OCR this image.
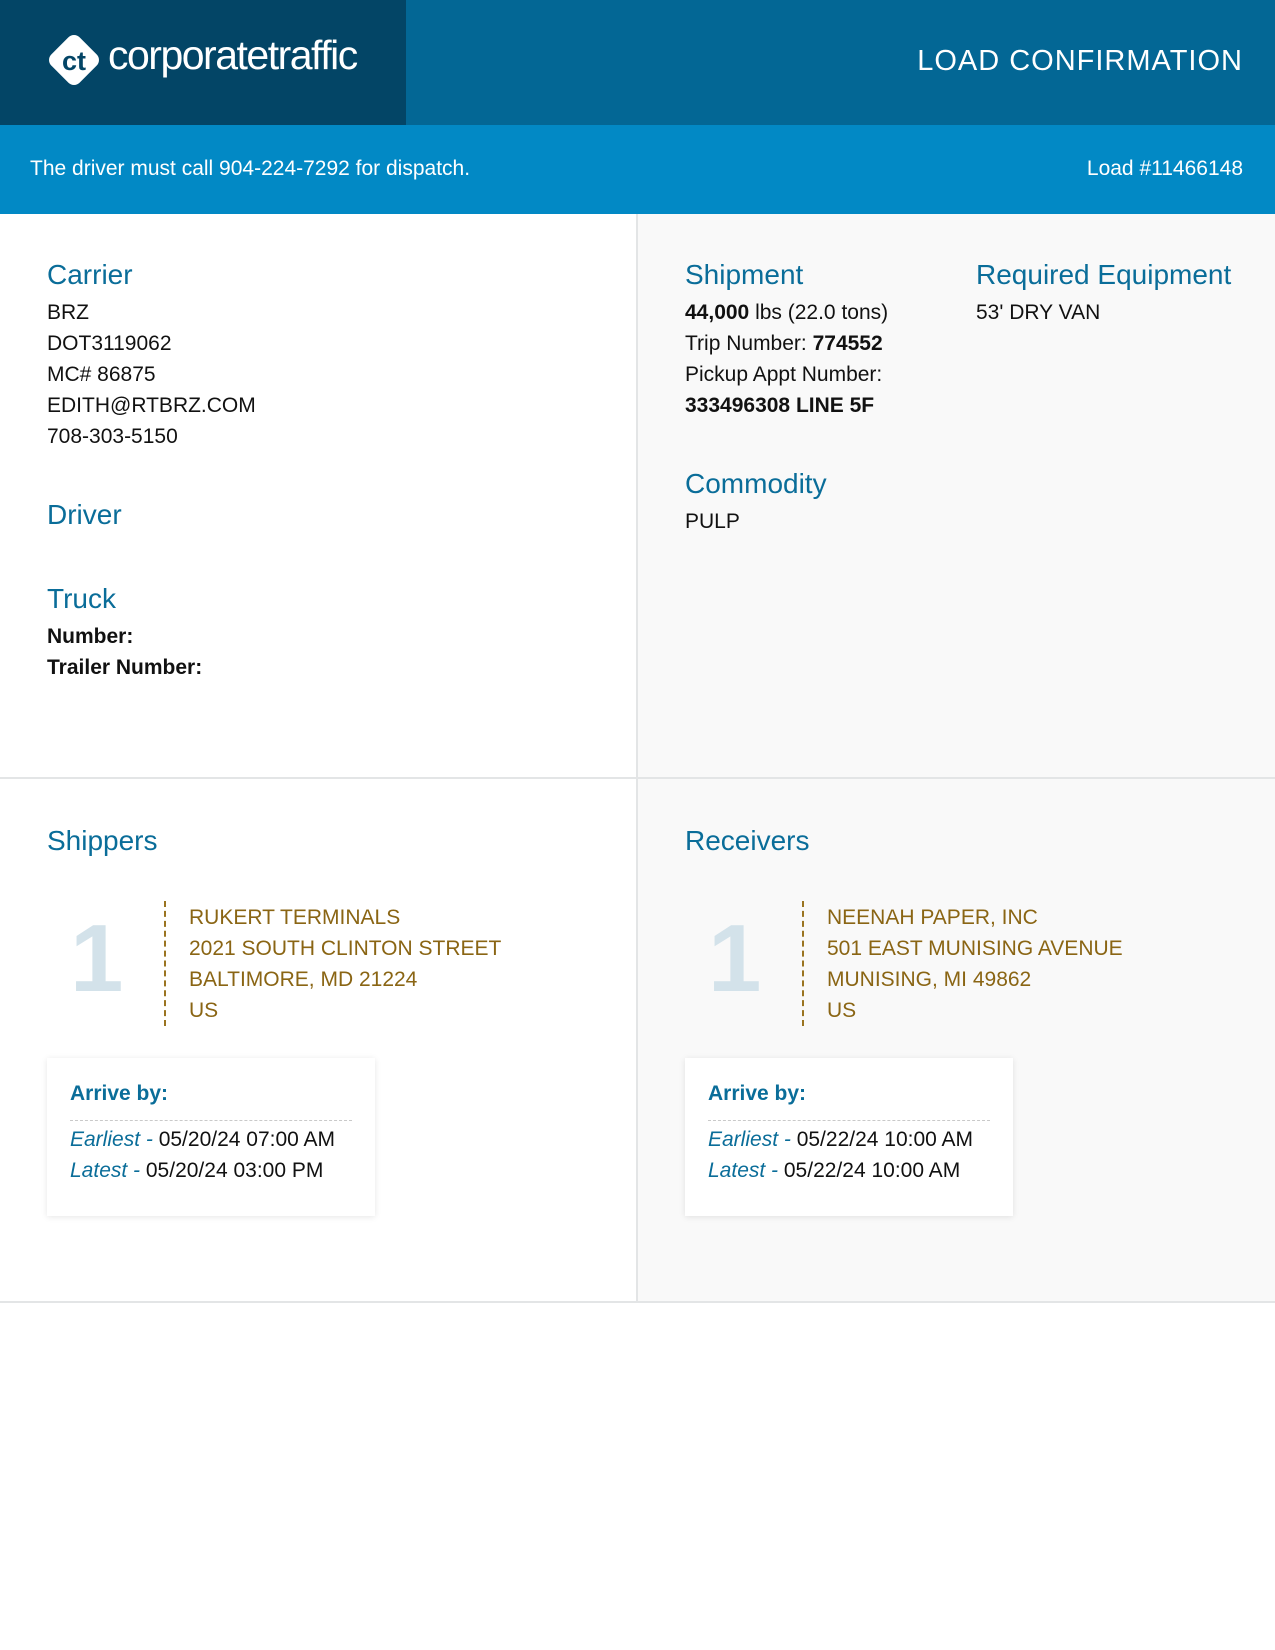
ct corporatetraffic	LOAD CONFIRMATION
The driver must call 904-224-7292 for dispatch.	Load #11466148
Carrier
BRZ
DOT3119062
MC# 86875
EDITH@RTBRZ.COM
708-303-5150
Driver
Truck
Number:
Trailer Number:
Shipment
44,000 lbs (22.0 tons)
Trip Number: 774552
Pickup Appt Number:
333496308 LINE 5F
Required Equipment
53' DRY VAN
Commodity
PULP
Shippers
1	RUKERT TERMINALS
2021 SOUTH CLINTON STREET
BALTIMORE, MD 21224
US
Arrive by:
Earliest - 05/20/24 07:00 AM
Latest - 05/20/24 03:00 PM
Receivers
1	NEENAH PAPER, INC
501 EAST MUNISING AVENUE
MUNISING, MI 49862
US
Arrive by:
Earliest - 05/22/24 10:00 AM
Latest - 05/22/24 10:00 AM
